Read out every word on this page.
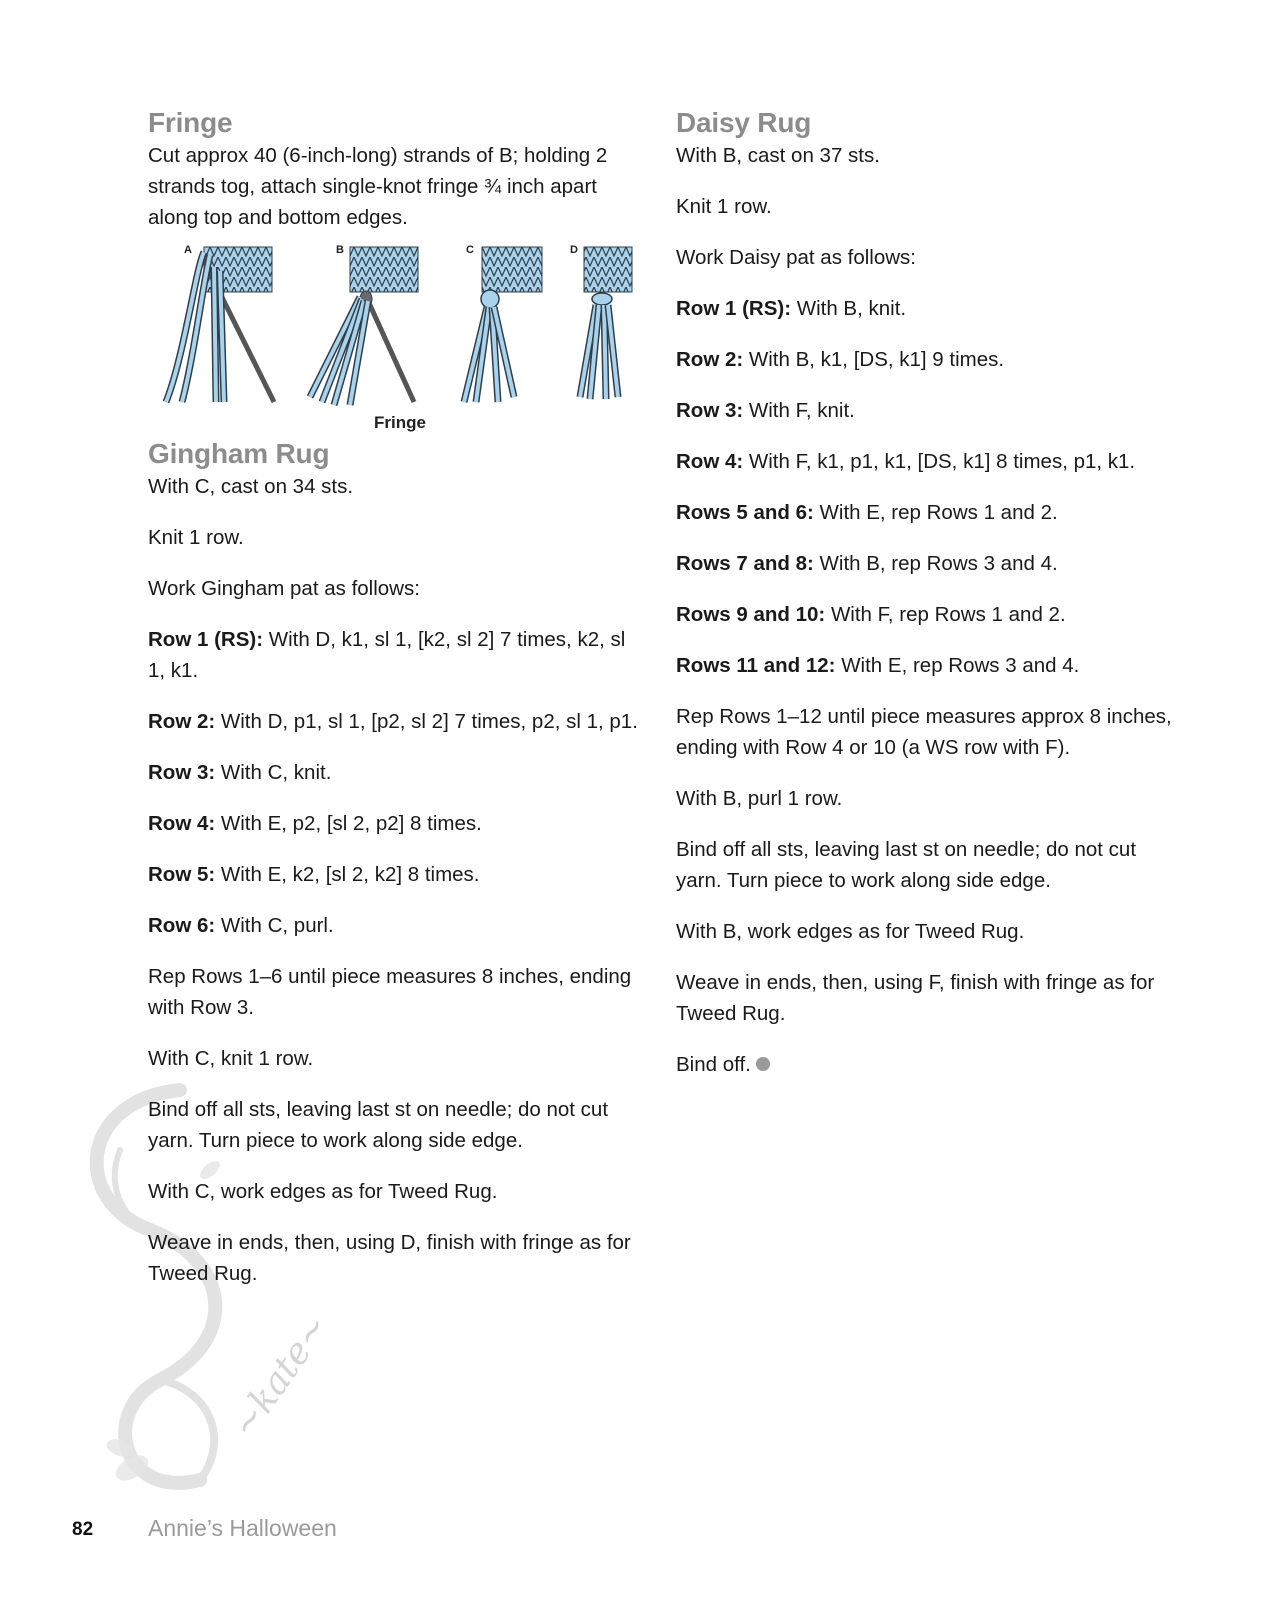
~kate~
Fringe

Cut approx 40 (6-inch-long) strands of B; holding 2 strands tog, attach single-knot fringe ¾ inch apart along top and bottom edges.

A	B	C	D
Fringe
Gingham Rug

With C, cast on 34 sts.

Knit 1 row.

Work Gingham pat as follows:

Row 1 (RS): With D, k1, sl 1, [k2, sl 2] 7 times, k2, sl 1, k1.

Row 2: With D, p1, sl 1, [p2, sl 2] 7 times, p2, sl 1, p1.

Row 3: With C, knit.

Row 4: With E, p2, [sl 2, p2] 8 times.

Row 5: With E, k2, [sl 2, k2] 8 times.

Row 6: With C, purl.

Rep Rows 1–6 until piece measures 8 inches, ending with Row 3.

With C, knit 1 row.

Bind off all sts, leaving last st on needle; do not cut yarn. Turn piece to work along side edge.

With C, work edges as for Tweed Rug.

Weave in ends, then, using D, finish with fringe as for Tweed Rug.

Daisy Rug

With B, cast on 37 sts.

Knit 1 row.

Work Daisy pat as follows:

Row 1 (RS): With B, knit.

Row 2: With B, k1, [DS, k1] 9 times.

Row 3: With F, knit.

Row 4: With F, k1, p1, k1, [DS, k1] 8 times, p1, k1.

Rows 5 and 6: With E, rep Rows 1 and 2.

Rows 7 and 8: With B, rep Rows 3 and 4.

Rows 9 and 10: With F, rep Rows 1 and 2.

Rows 11 and 12: With E, rep Rows 3 and 4.

Rep Rows 1–12 until piece measures approx 8 inches, ending with Row 4 or 10 (a WS row with F).

With B, purl 1 row.

Bind off all sts, leaving last st on needle; do not cut yarn. Turn piece to work along side edge.

With B, work edges as for Tweed Rug.

Weave in ends, then, using F, finish with fringe as for Tweed Rug.

Bind off.

82 Annie’s Halloween
